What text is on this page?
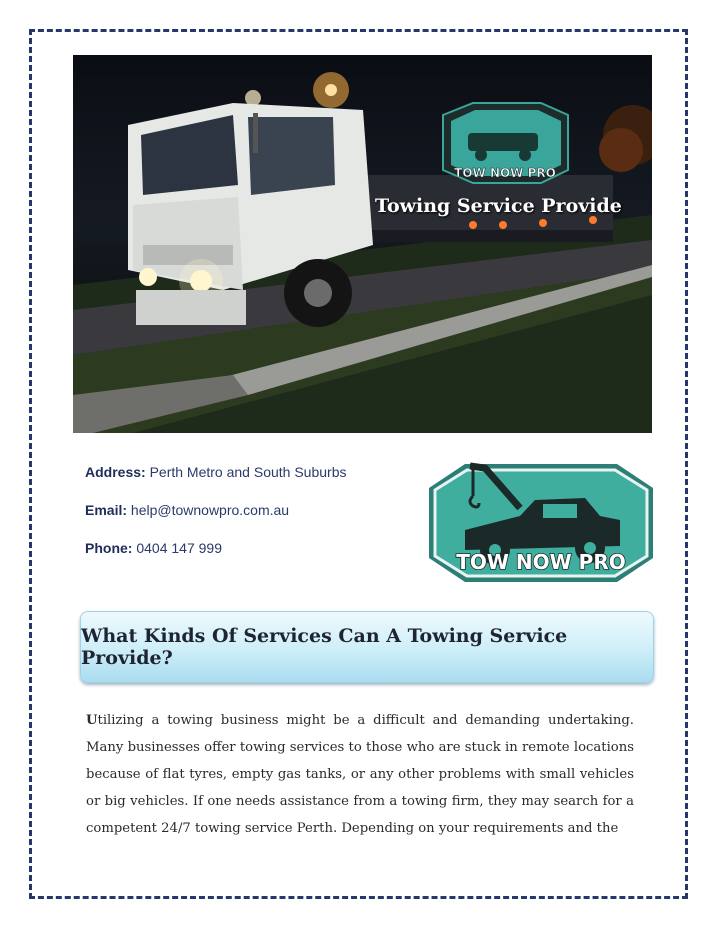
TOW NOW PRO
Towing Service Provide
Address: Perth Metro and South Suburbs
Email: help@townowpro.com.au
Phone: 0404 147 999
TOW NOW PRO
What Kinds Of Services Can A Towing Service Provide?
Utilizing a towing business might be a difficult and demanding undertaking. Many businesses offer towing services to those who are stuck in remote locations because of flat tyres, empty gas tanks, or any other problems with small vehicles or big vehicles. If one needs assistance from a towing firm, they may search for a competent 24/7 towing service Perth. Depending on your requirements and the
